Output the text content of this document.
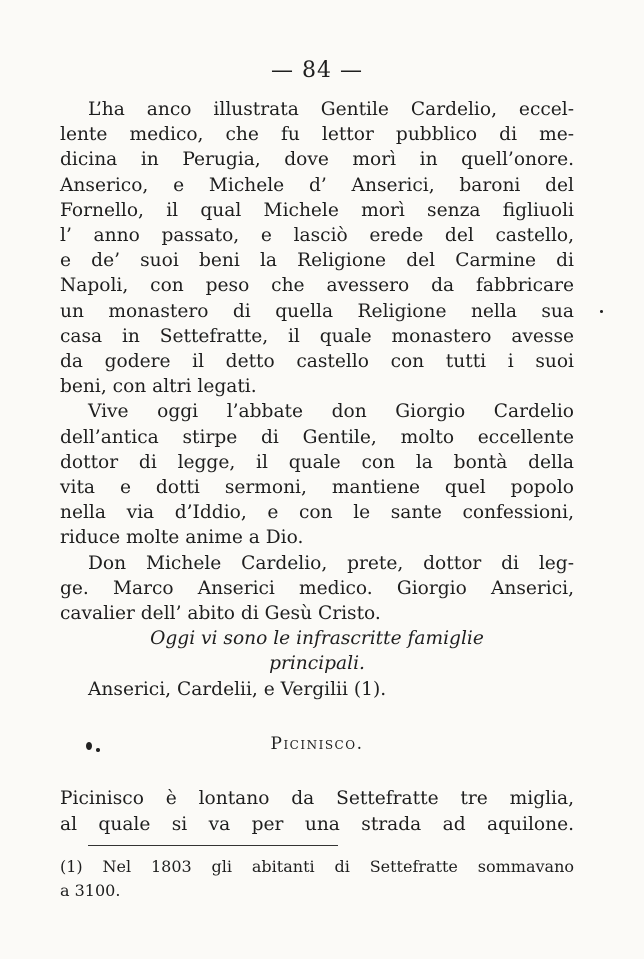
— 84 —
L’ha anco illustrata Gentile Cardelio, eccel-
lente medico, che fu lettor pubblico di me-
dicina in Perugia, dove morì in quell’onore.
Anserico, e Michele d’ Anserici, baroni del
Fornello, il qual Michele morì senza figliuoli
l’ anno passato, e lasciò erede del castello,
e de’ suoi beni la Religione del Carmine di
Napoli, con peso che avessero da fabbricare
un monastero di quella Religione nella sua
casa in Settefratte, il quale monastero avesse
da godere il detto castello con tutti i suoi
beni, con altri legati.
Vive oggi l’abbate don Giorgio Cardelio
dell’antica stirpe di Gentile, molto eccellente
dottor di legge, il quale con la bontà della
vita e dotti sermoni, mantiene quel popolo
nella via d’Iddio, e con le sante confessioni,
riduce molte anime a Dio.
Don Michele Cardelio, prete, dottor di leg-
ge. Marco Anserici medico. Giorgio Anserici,
cavalier dell’ abito di Gesù Cristo.
Oggi vi sono le infrascritte famiglie
principali.
Anserici, Cardelii, e Vergilii (1).
Picinisco.
Picinisco è lontano da Settefratte tre miglia,
al quale si va per una strada ad aquilone.
(1) Nel 1803 gli abitanti di Settefratte sommavano
a 3100.
